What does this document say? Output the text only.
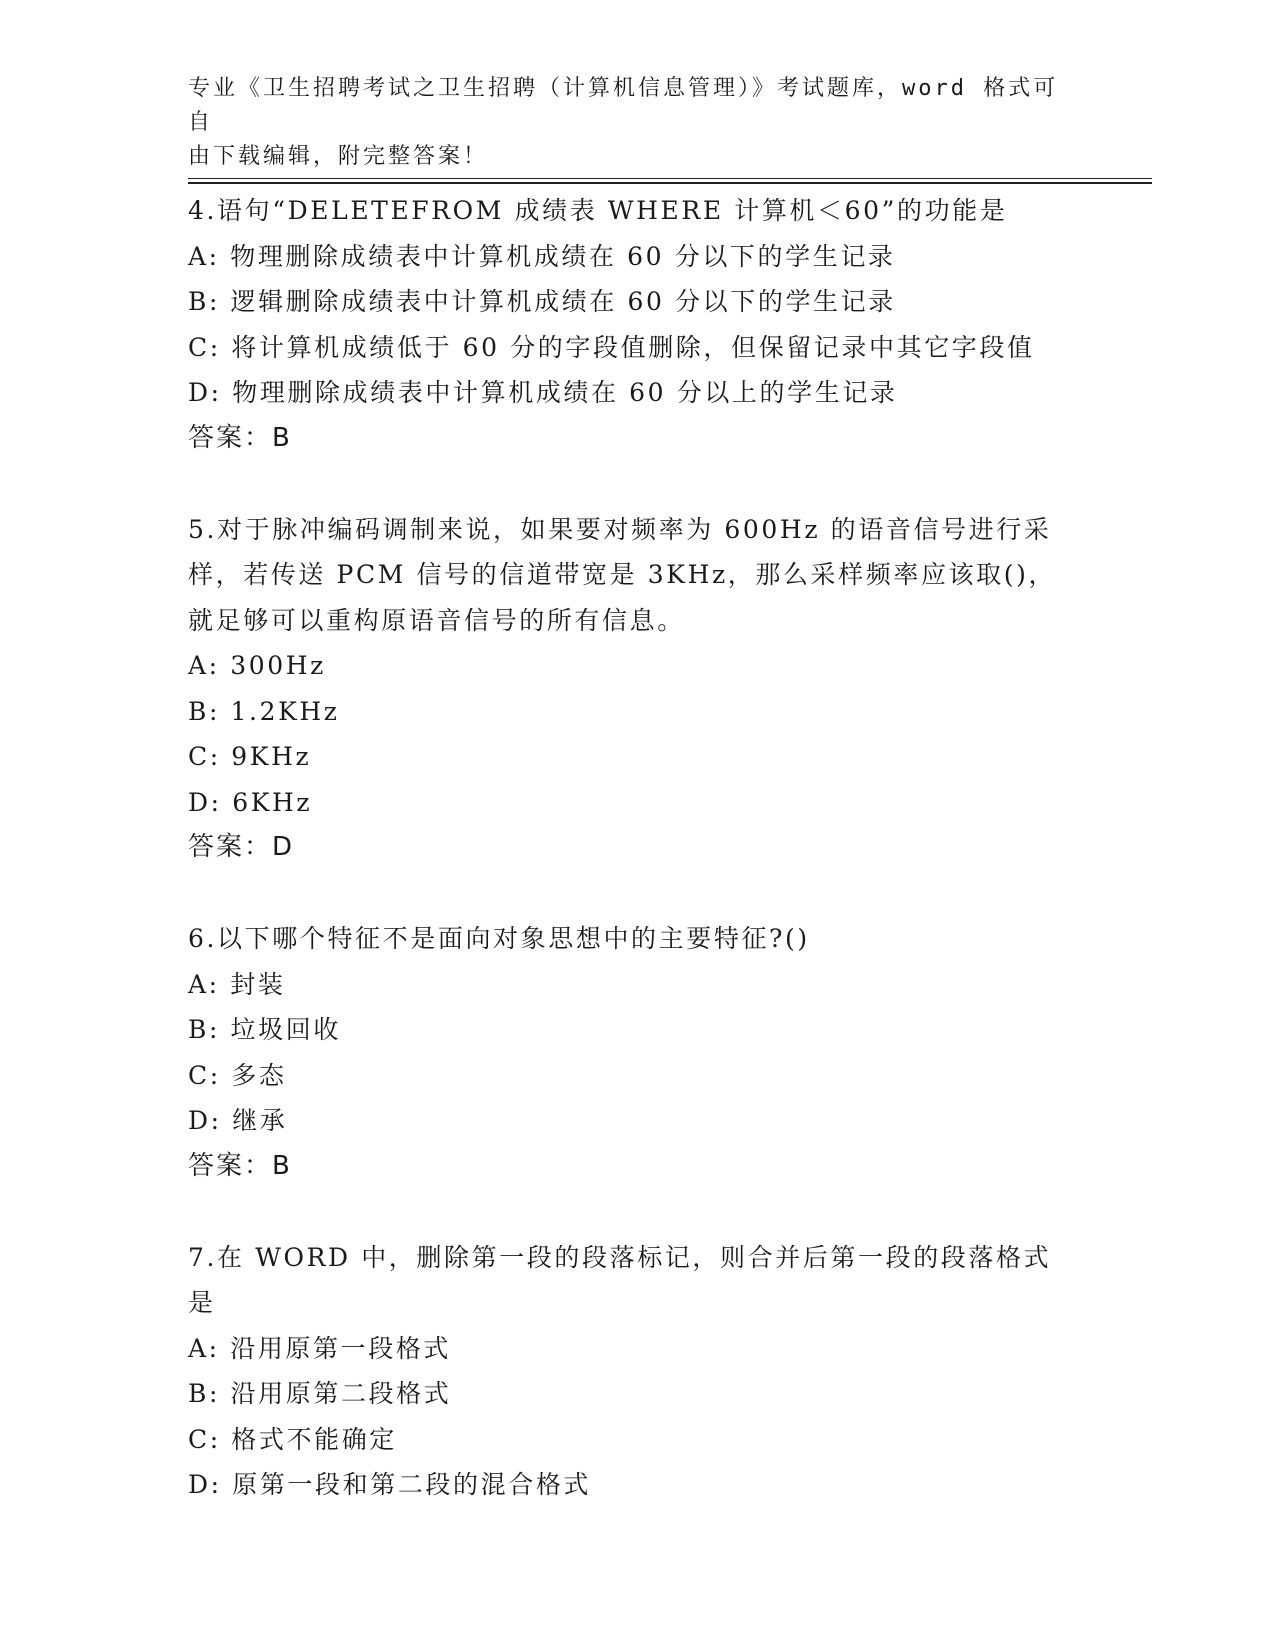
专业《卫生招聘考试之卫生招聘（计算机信息管理）》考试题库，word 格式可自
由下载编辑，附完整答案！

4.语句“DELETEFROM 成绩表 WHERE 计算机＜60”的功能是

A: 物理删除成绩表中计算机成绩在 60 分以下的学生记录

B: 逻辑删除成绩表中计算机成绩在 60 分以下的学生记录

C: 将计算机成绩低于 60 分的字段值删除，但保留记录中其它字段值

D: 物理删除成绩表中计算机成绩在 60 分以上的学生记录

答案：B

5.对于脉冲编码调制来说，如果要对频率为 600Hz 的语音信号进行采样，若传送 PCM 信号的信道带宽是 3KHz，那么采样频率应该取()，就足够可以重构原语音信号的所有信息。

A: 300Hz

B: 1.2KHz

C: 9KHz

D: 6KHz

答案：D

6.以下哪个特征不是面向对象思想中的主要特征?()

A: 封装

B: 垃圾回收

C: 多态

D: 继承

答案：B

7.在 WORD 中，删除第一段的段落标记，则合并后第一段的段落格式是

A: 沿用原第一段格式

B: 沿用原第二段格式

C: 格式不能确定

D: 原第一段和第二段的混合格式
